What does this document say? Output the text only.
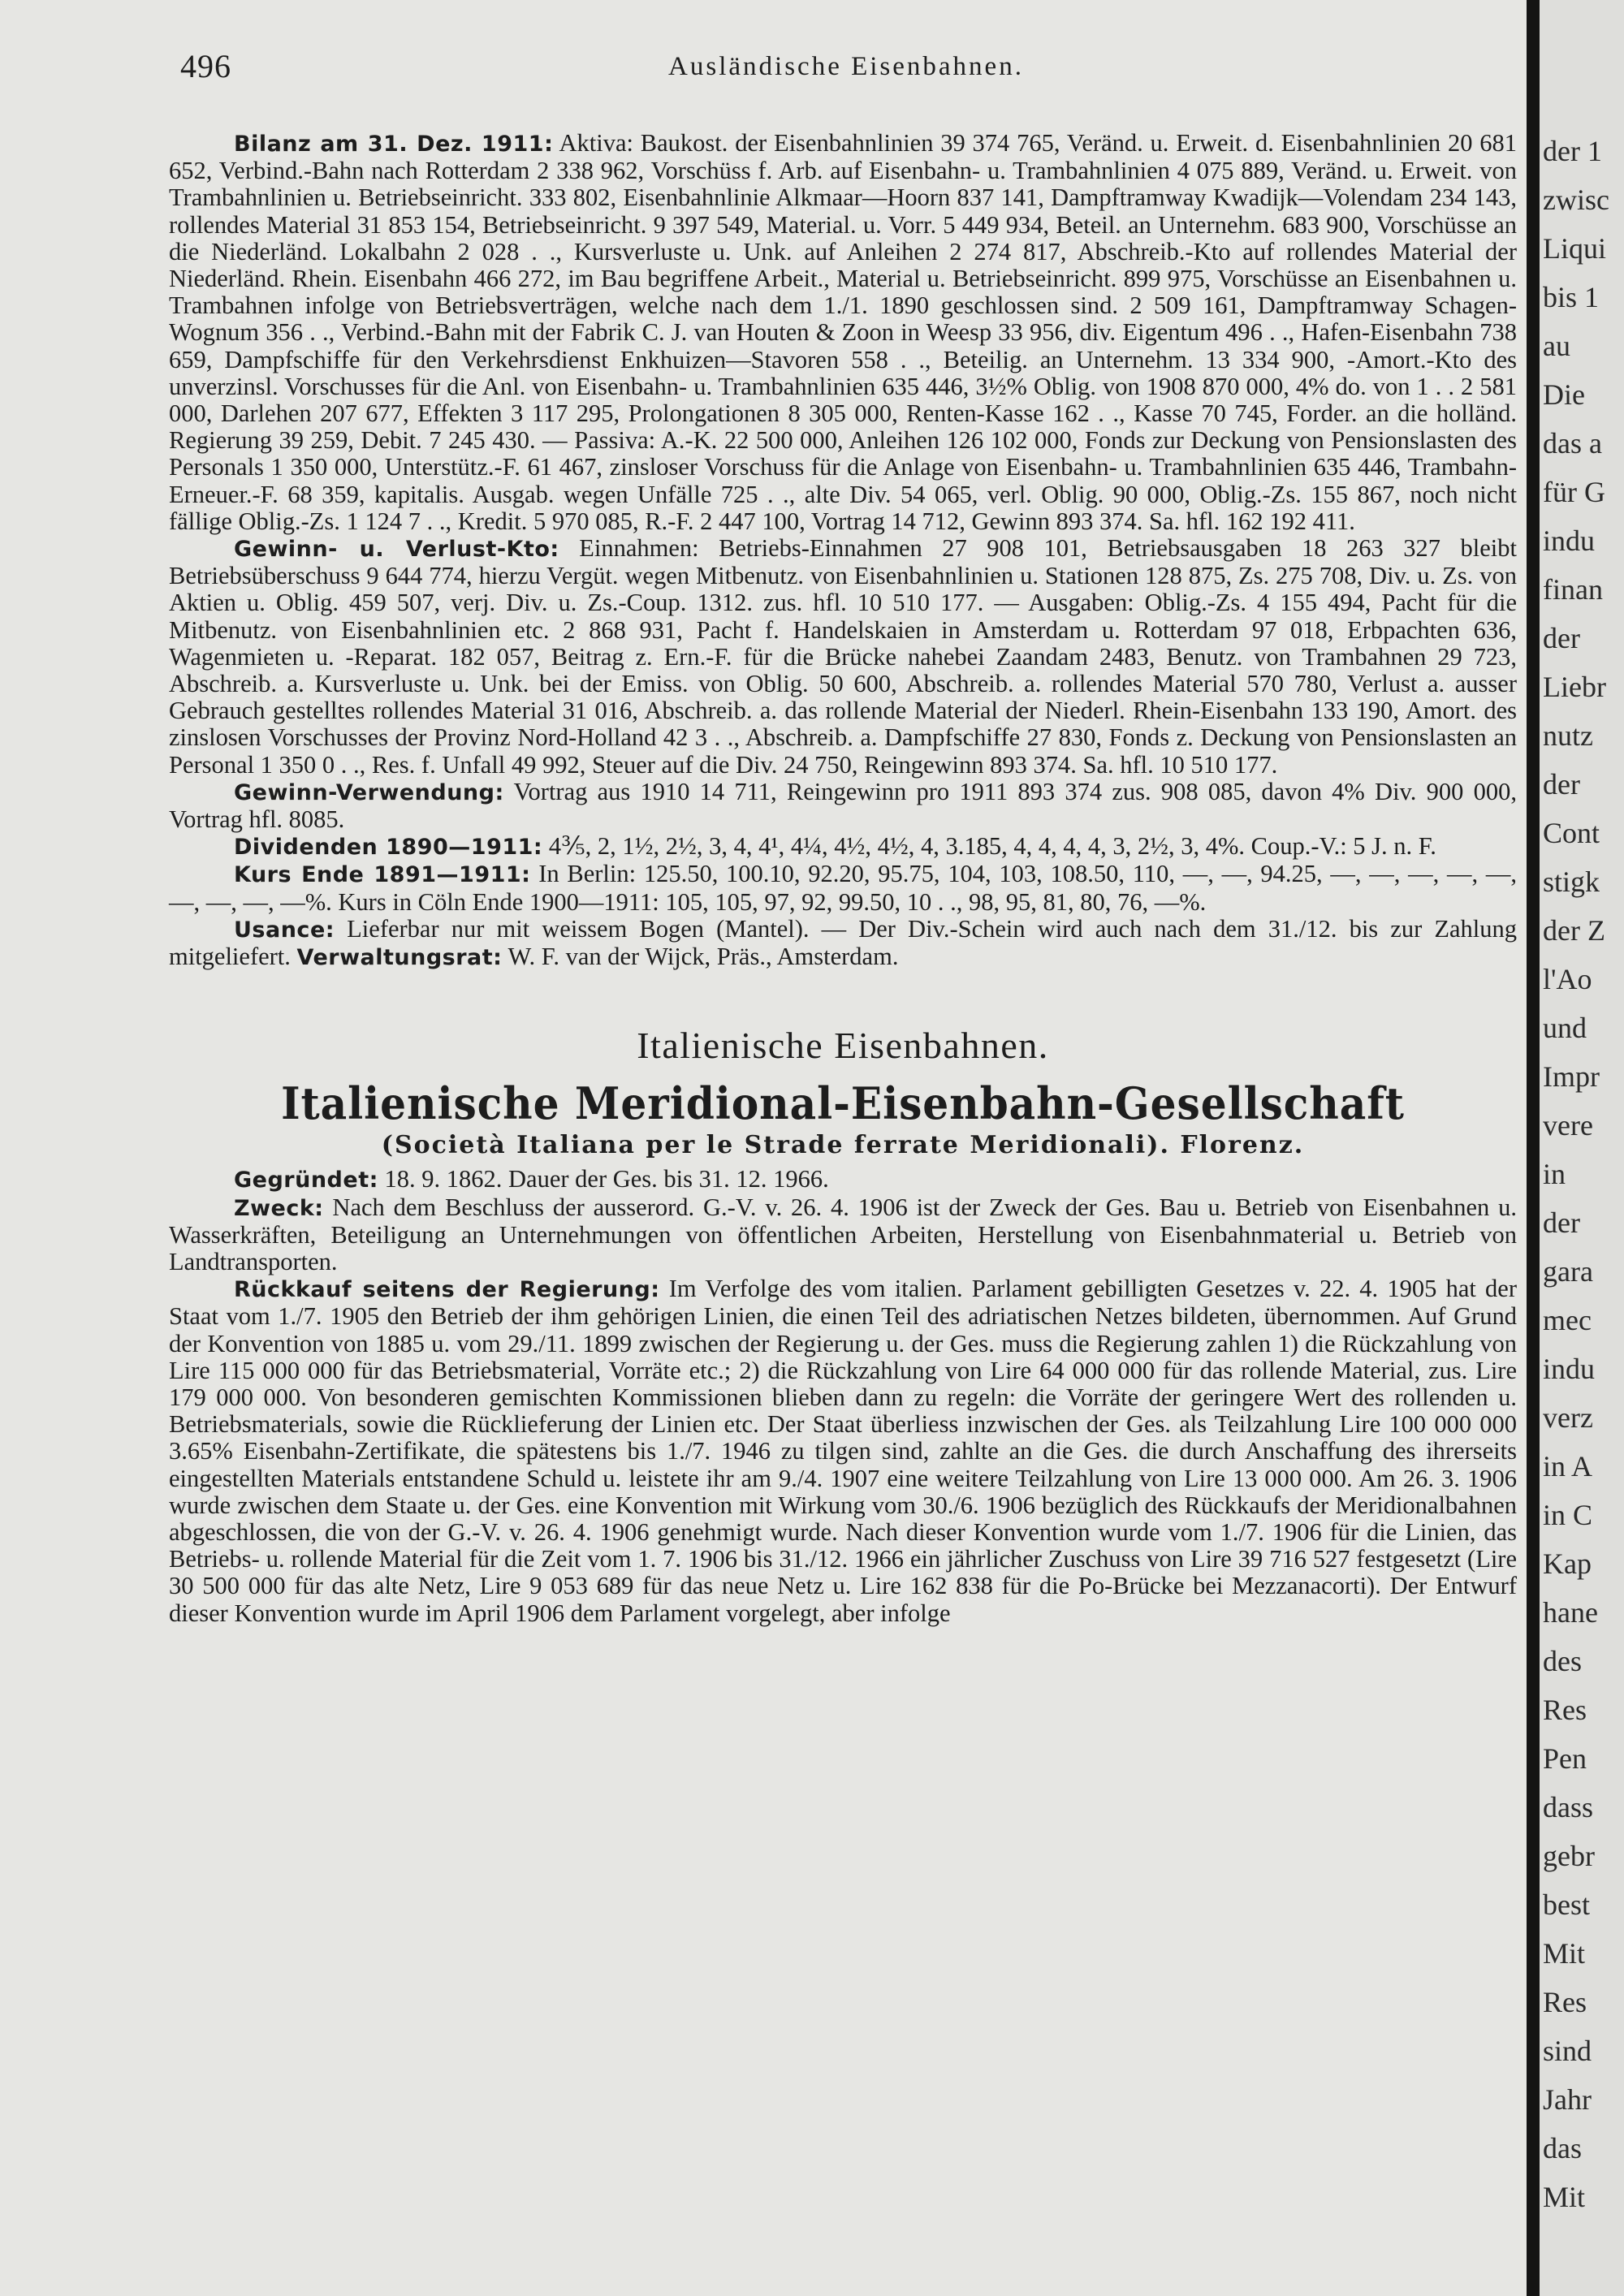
496	Ausländische Eisenbahnen.

Bilanz am 31. Dez. 1911: Aktiva: Baukost. der Eisenbahnlinien 39 374 765, Veränd. u. Erweit. d. Eisenbahnlinien 20 681 652, Verbind.-Bahn nach Rotterdam 2 338 962, Vorschüss f. Arb. auf Eisenbahn- u. Trambahnlinien 4 075 889, Veränd. u. Erweit. von Trambahnlinien u. Betriebseinricht. 333 802, Eisenbahnlinie Alkmaar—Hoorn 837 141, Dampftramway Kwadijk—Volendam 234 143, rollendes Material 31 853 154, Betriebseinricht. 9 397 549, Material. u. Vorr. 5 449 934, Beteil. an Unternehm. 683 900, Vorschüsse an die Niederländ. Lokalbahn 2 028 . ., Kursverluste u. Unk. auf Anleihen 2 274 817, Abschreib.-Kto auf rollendes Material der Niederländ. Rhein. Eisenbahn 466 272, im Bau begriffene Arbeit., Material u. Betriebseinricht. 899 975, Vorschüsse an Eisenbahnen u. Trambahnen infolge von Betriebsverträgen, welche nach dem 1./1. 1890 geschlossen sind. 2 509 161, Dampftramway Schagen-Wognum 356 . ., Verbind.-Bahn mit der Fabrik C. J. van Houten & Zoon in Weesp 33 956, div. Eigentum 496 . ., Hafen-Eisenbahn 738 659, Dampfschiffe für den Verkehrsdienst Enkhuizen—Stavoren 558 . ., Beteilig. an Unternehm. 13 334 900, -Amort.-Kto des unverzinsl. Vorschusses für die Anl. von Eisenbahn- u. Trambahnlinien 635 446, 3½% Oblig. von 1908 870 000, 4% do. von 1 . . 2 581 000, Darlehen 207 677, Effekten 3 117 295, Prolongationen 8 305 000, Renten-Kasse 162 . ., Kasse 70 745, Forder. an die holländ. Regierung 39 259, Debit. 7 245 430. — Passiva: A.-K. 22 500 000, Anleihen 126 102 000, Fonds zur Deckung von Pensionslasten des Personals 1 350 000, Unterstütz.-F. 61 467, zinsloser Vorschuss für die Anlage von Eisenbahn- u. Trambahnlinien 635 446, Trambahn-Erneuer.-F. 68 359, kapitalis. Ausgab. wegen Unfälle 725 . ., alte Div. 54 065, verl. Oblig. 90 000, Oblig.-Zs. 155 867, noch nicht fällige Oblig.-Zs. 1 124 7 . ., Kredit. 5 970 085, R.-F. 2 447 100, Vortrag 14 712, Gewinn 893 374. Sa. hfl. 162 192 411.

Gewinn- u. Verlust-Kto: Einnahmen: Betriebs-Einnahmen 27 908 101, Betriebsausgaben 18 263 327 bleibt Betriebsüberschuss 9 644 774, hierzu Vergüt. wegen Mitbenutz. von Eisenbahnlinien u. Stationen 128 875, Zs. 275 708, Div. u. Zs. von Aktien u. Oblig. 459 507, verj. Div. u. Zs.-Coup. 1312. zus. hfl. 10 510 177. — Ausgaben: Oblig.-Zs. 4 155 494, Pacht für die Mitbenutz. von Eisenbahnlinien etc. 2 868 931, Pacht f. Handelskaien in Amsterdam u. Rotterdam 97 018, Erbpachten 636, Wagenmieten u. -Reparat. 182 057, Beitrag z. Ern.-F. für die Brücke nahebei Zaandam 2483, Benutz. von Trambahnen 29 723, Abschreib. a. Kursverluste u. Unk. bei der Emiss. von Oblig. 50 600, Abschreib. a. rollendes Material 570 780, Verlust a. ausser Gebrauch gestelltes rollendes Material 31 016, Abschreib. a. das rollende Material der Niederl. Rhein-Eisenbahn 133 190, Amort. des zinslosen Vorschusses der Provinz Nord-Holland 42 3 . ., Abschreib. a. Dampfschiffe 27 830, Fonds z. Deckung von Pensionslasten an Personal 1 350 0 . ., Res. f. Unfall 49 992, Steuer auf die Div. 24 750, Reingewinn 893 374. Sa. hfl. 10 510 177.

Gewinn-Verwendung: Vortrag aus 1910 14 711, Reingewinn pro 1911 893 374 zus. 908 085, davon 4% Div. 900 000, Vortrag hfl. 8085.

Dividenden 1890—1911: 4⅗, 2, 1½, 2½, 3, 4, 4¹, 4¼, 4½, 4½, 4, 3.185, 4, 4, 4, 4, 3, 2½, 3, 4%. Coup.-V.: 5 J. n. F.

Kurs Ende 1891—1911: In Berlin: 125.50, 100.10, 92.20, 95.75, 104, 103, 108.50, 110, —, —, 94.25, —, —, —, —, —, —, —, —, —%. Kurs in Cöln Ende 1900—1911: 105, 105, 97, 92, 99.50, 10 . ., 98, 95, 81, 80, 76, —%.

Usance: Lieferbar nur mit weissem Bogen (Mantel). — Der Div.-Schein wird auch nach dem 31./12. bis zur Zahlung mitgeliefert. Verwaltungsrat: W. F. van der Wijck, Präs., Amsterdam.

Italienische Eisenbahnen.
Italienische Meridional-Eisenbahn-Gesellschaft
(Società Italiana per le Strade ferrate Meridionali). Florenz.

Gegründet: 18. 9. 1862. Dauer der Ges. bis 31. 12. 1966.

Zweck: Nach dem Beschluss der ausserord. G.-V. v. 26. 4. 1906 ist der Zweck der Ges. Bau u. Betrieb von Eisenbahnen u. Wasserkräften, Beteiligung an Unternehmungen von öffentlichen Arbeiten, Herstellung von Eisenbahnmaterial u. Betrieb von Landtransporten.

Rückkauf seitens der Regierung: Im Verfolge des vom italien. Parlament gebilligten Gesetzes v. 22. 4. 1905 hat der Staat vom 1./7. 1905 den Betrieb der ihm gehörigen Linien, die einen Teil des adriatischen Netzes bildeten, übernommen. Auf Grund der Konvention von 1885 u. vom 29./11. 1899 zwischen der Regierung u. der Ges. muss die Regierung zahlen 1) die Rückzahlung von Lire 115 000 000 für das Betriebsmaterial, Vorräte etc.; 2) die Rückzahlung von Lire 64 000 000 für das rollende Material, zus. Lire 179 000 000. Von besonderen gemischten Kommissionen blieben dann zu regeln: die Vorräte der geringere Wert des rollenden u. Betriebsmaterials, sowie die Rücklieferung der Linien etc. Der Staat überliess inzwischen der Ges. als Teilzahlung Lire 100 000 000 3.65% Eisenbahn-Zertifikate, die spätestens bis 1./7. 1946 zu tilgen sind, zahlte an die Ges. die durch Anschaffung des ihrerseits eingestellten Materials entstandene Schuld u. leistete ihr am 9./4. 1907 eine weitere Teilzahlung von Lire 13 000 000. Am 26. 3. 1906 wurde zwischen dem Staate u. der Ges. eine Konvention mit Wirkung vom 30./6. 1906 bezüglich des Rückkaufs der Meridionalbahnen abgeschlossen, die von der G.-V. v. 26. 4. 1906 genehmigt wurde. Nach dieser Konvention wurde vom 1./7. 1906 für die Linien, das Betriebs- u. rollende Material für die Zeit vom 1. 7. 1906 bis 31./12. 1966 ein jährlicher Zuschuss von Lire 39 716 527 festgesetzt (Lire 30 500 000 für das alte Netz, Lire 9 053 689 für das neue Netz u. Lire 162 838 für die Po-Brücke bei Mezzanacorti). Der Entwurf dieser Konvention wurde im April 1906 dem Parlament vorgelegt, aber infolge

der 1
zwisc
Liqui
bis 1
au
Die
das a
für G
indu
finan
der
Liebr
nutz
der
Cont
stigk
der Z
l'Ao
und
Impr
vere
in
der
gara
mec
indu
verz
in A
in C
Kap
hane
des
Res
Pen
dass
gebr
best
Mit
Res
sind
Jahr
das
Mit
